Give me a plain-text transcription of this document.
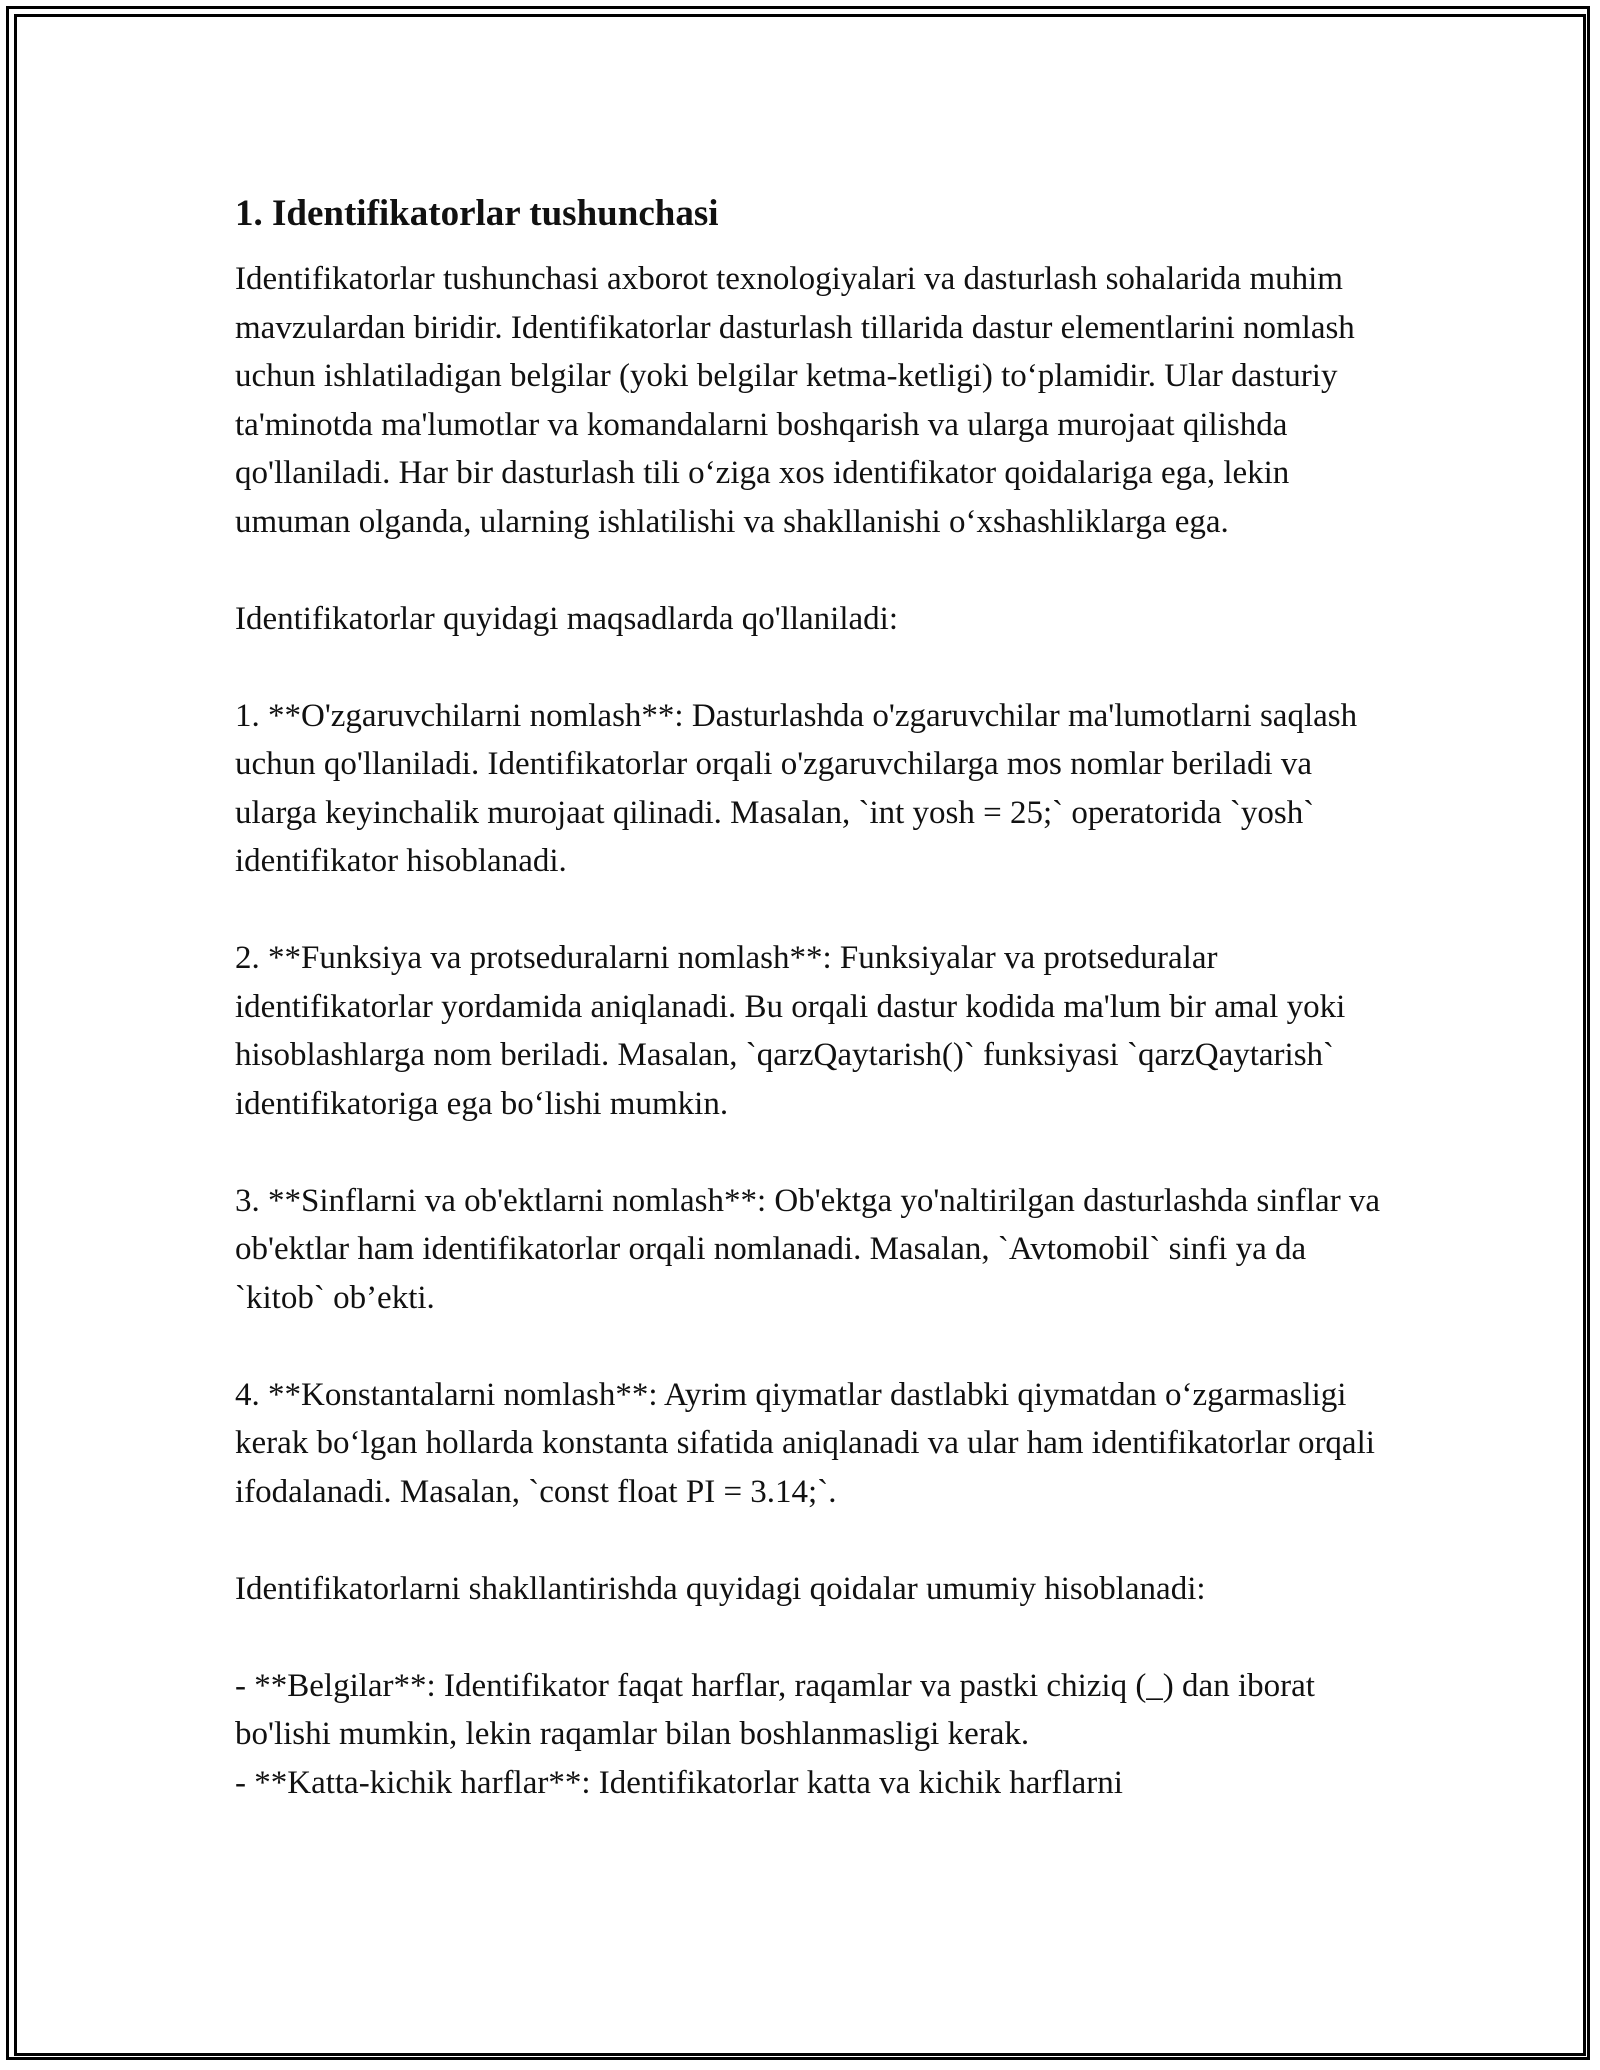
1. Identifikatorlar tushunchasi

Identifikatorlar tushunchasi axborot texnologiyalari va dasturlash sohalarida muhim mavzulardan biridir. Identifikatorlar dasturlash tillarida dastur elementlarini nomlash uchun ishlatiladigan belgilar (yoki belgilar ketma-ketligi) to‘plamidir. Ular dasturiy ta'minotda ma'lumotlar va komandalarni boshqarish va ularga murojaat qilishda qo'llaniladi. Har bir dasturlash tili o‘ziga xos identifikator qoidalariga ega, lekin umuman olganda, ularning ishlatilishi va shakllanishi o‘xshashliklarga ega.

Identifikatorlar quyidagi maqsadlarda qo'llaniladi:

1. **O'zgaruvchilarni nomlash**: Dasturlashda o'zgaruvchilar ma'lumotlarni saqlash uchun qo'llaniladi. Identifikatorlar orqali o'zgaruvchilarga mos nomlar beriladi va ularga keyinchalik murojaat qilinadi. Masalan, `int yosh = 25;` operatorida `yosh` identifikator hisoblanadi.

2. **Funksiya va protseduralarni nomlash**: Funksiyalar va protseduralar identifikatorlar yordamida aniqlanadi. Bu orqali dastur kodida ma'lum bir amal yoki hisoblashlarga nom beriladi. Masalan, `qarzQaytarish()` funksiyasi `qarzQaytarish` identifikatoriga ega bo‘lishi mumkin.

3. **Sinflarni va ob'ektlarni nomlash**: Ob'ektga yo'naltirilgan dasturlashda sinflar va ob'ektlar ham identifikatorlar orqali nomlanadi. Masalan, `Avtomobil` sinfi ya da `kitob` ob’ekti.

4. **Konstantalarni nomlash**: Ayrim qiymatlar dastlabki qiymatdan o‘zgarmasligi kerak bo‘lgan hollarda konstanta sifatida aniqlanadi va ular ham identifikatorlar orqali ifodalanadi. Masalan, `const float PI = 3.14;`.

Identifikatorlarni shakllantirishda quyidagi qoidalar umumiy hisoblanadi:

- **Belgilar**: Identifikator faqat harflar, raqamlar va pastki chiziq (_) dan iborat bo'lishi mumkin, lekin raqamlar bilan boshlanmasligi kerak.

- **Katta-kichik harflar**: Identifikatorlar katta va kichik harflarni
